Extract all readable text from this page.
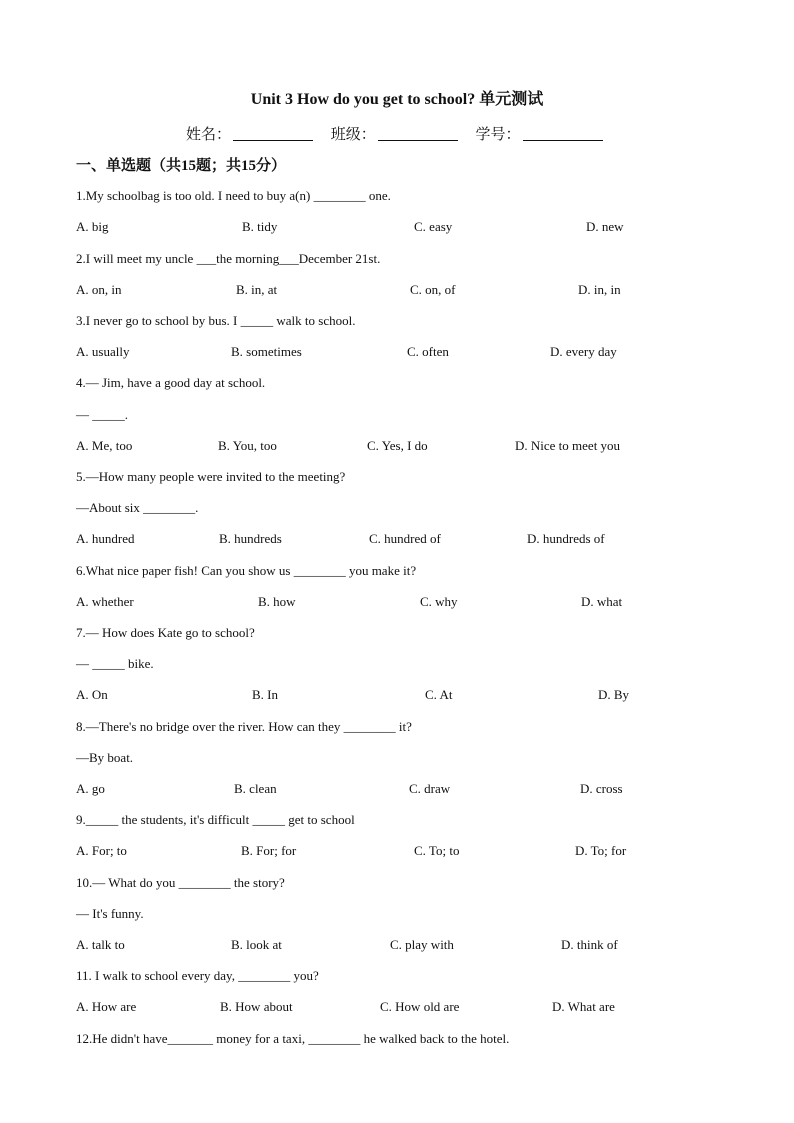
Unit 3 How do you get to school? 单元测试
姓名：	班级：	学号：
一、单选题（共15题；共15分）
1.My schoolbag is too old. I need to buy a(n) ________ one.
A. big	B. tidy	C. easy	D. new
2.I will meet my uncle ___the morning___December 21st.
A. on, in	B. in, at	C. on, of	D. in, in
3.I never go to school by bus. I _____ walk to school.
A. usually	B. sometimes	C. often	D. every day
4.— Jim, have a good day at school.
— _____.
A. Me, too	B. You, too	C. Yes, I do	D. Nice to meet you
5.—How many people were invited to the meeting?
—About six ________.
A. hundred	B. hundreds	C. hundred of	D. hundreds of
6.What nice paper fish! Can you show us ________ you make it?
A. whether	B. how	C. why	D. what
7.— How does Kate go to school?
— _____ bike.
A. On	B. In	C. At	D. By
8.—There's no bridge over the river. How can they ________ it?
—By boat.
A. go	B. clean	C. draw	D. cross
9._____ the students, it's difficult _____ get to school
A. For; to	B. For; for	C. To; to	D. To; for
10.— What do you ________ the story?
— It's funny.
A. talk to	B. look at	C. play with	D. think of
11. I walk to school every day, ________ you?
A. How are	B. How about	C. How old are	D. What are
12.He didn't have_______ money for a taxi, ________ he walked back to the hotel.
